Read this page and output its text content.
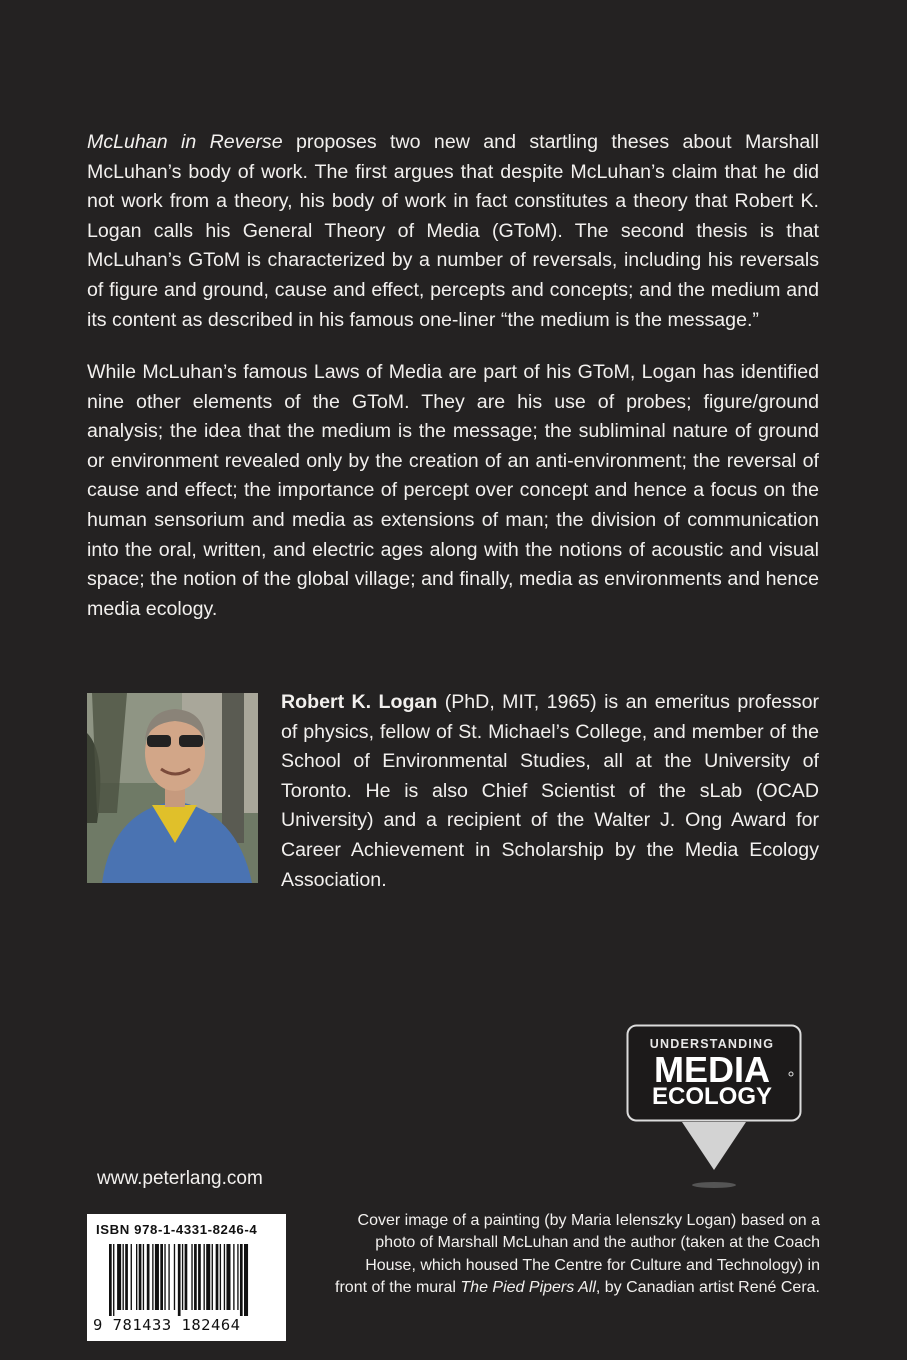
McLuhan in Reverse proposes two new and startling theses about Marshall McLuhan’s body of work. The first argues that despite McLuhan’s claim that he did not work from a theory, his body of work in fact constitutes a theory that Robert K. Logan calls his General Theory of Media (GToM). The second thesis is that McLuhan’s GToM is characterized by a number of reversals, including his reversals of figure and ground, cause and effect, percepts and concepts; and the medium and its content as described in his famous one-liner “the medium is the message.”

While McLuhan’s famous Laws of Media are part of his GToM, Logan has identified nine other elements of the GToM. They are his use of probes; figure/ground analysis; the idea that the medium is the message; the subliminal nature of ground or environment revealed only by the creation of an anti-environment; the reversal of cause and effect; the importance of percept over concept and hence a focus on the human sensorium and media as extensions of man; the division of communication into the oral, written, and electric ages along with the notions of acoustic and visual space; the notion of the global village; and finally, media as environments and hence media ecology.

Robert K. Logan (PhD, MIT, 1965) is an emeritus professor of physics, fellow of St. Michael’s College, and member of the School of Environmental Studies, all at the University of Toronto. He is also Chief Scientist of the sLab (OCAD University) and a recipient of the Walter J. Ong Award for Career Achievement in Scholarship by the Media Ecology Association.

UNDERSTANDING
MEDIA
ECOLOGY
www.peterlang.com
ISBN 978-1-4331-8246-4
9 781433 182464

Cover image of a painting (by Maria Ielenszky Logan) based on a photo of Marshall McLuhan and the author (taken at the Coach House, which housed The Centre for Culture and Technology) in front of the mural The Pied Pipers All, by Canadian artist René Cera.
